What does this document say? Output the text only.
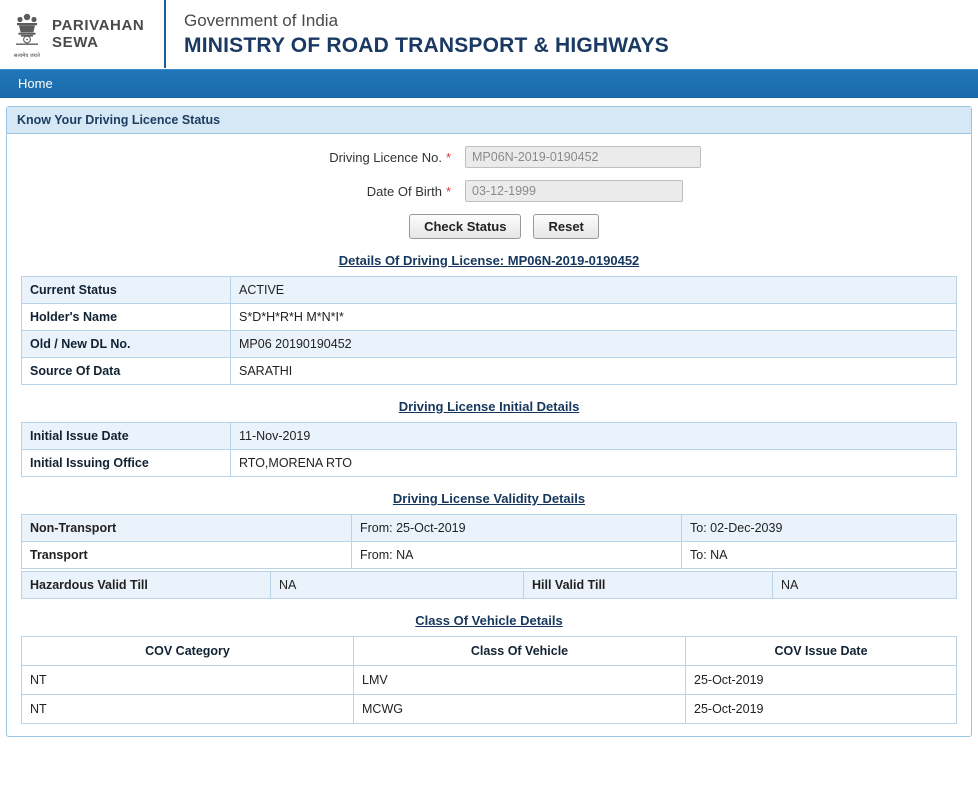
सत्यमेव जयते
PARIVAHAN
SEWA
Government of India
MINISTRY OF ROAD TRANSPORT & HIGHWAYS
Home
Know Your Driving Licence Status
Driving Licence No. *
MP06N-2019-0190452
Date Of Birth *
03-12-1999
Check Status	Reset
Details Of Driving License: MP06N-2019-0190452
Current Status	ACTIVE
Holder's Name	S*D*H*R*H M*N*I*
Old / New DL No.	MP06 20190190452
Source Of Data	SARATHI
Driving License Initial Details
Initial Issue Date	11-Nov-2019
Initial Issuing Office	RTO,MORENA RTO
Driving License Validity Details
Non-Transport	From: 25-Oct-2019	To: 02-Dec-2039
Transport	From: NA	To: NA
Hazardous Valid Till	NA	Hill Valid Till	NA
Class Of Vehicle Details
COV Category	Class Of Vehicle	COV Issue Date
NT	LMV	25-Oct-2019
NT	MCWG	25-Oct-2019
